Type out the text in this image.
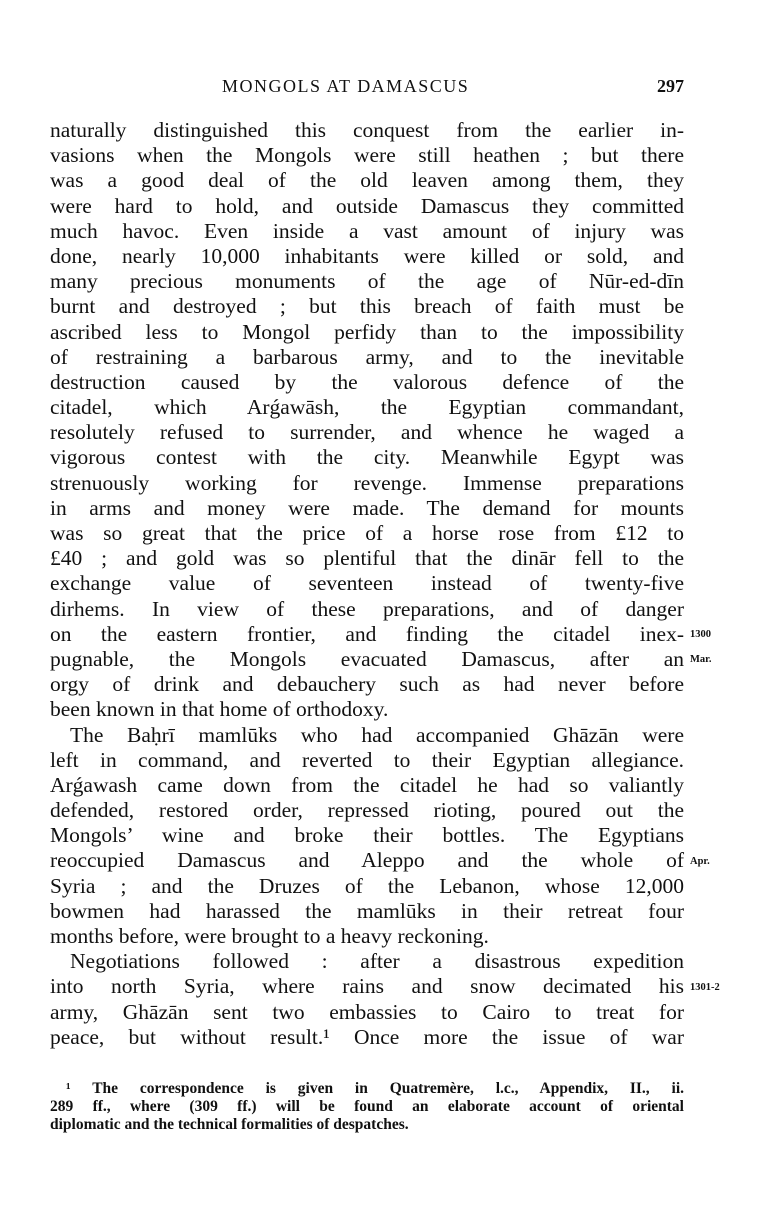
MONGOLS AT DAMASCUS	297
naturally distinguished this conquest from the earlier in-
vasions when the Mongols were still heathen ; but there
was a good deal of the old leaven among them, they
were hard to hold, and outside Damascus they committed
much havoc. Even inside a vast amount of injury was
done, nearly 10,000 inhabitants were killed or sold, and
many precious monuments of the age of Nūr-ed-dīn
burnt and destroyed ; but this breach of faith must be
ascribed less to Mongol perfidy than to the impossibility
of restraining a barbarous army, and to the inevitable
destruction caused by the valorous defence of the
citadel, which Arǵawāsh, the Egyptian commandant,
resolutely refused to surrender, and whence he waged a
vigorous contest with the city. Meanwhile Egypt was
strenuously working for revenge. Immense preparations
in arms and money were made. The demand for mounts
was so great that the price of a horse rose from £12 to
£40 ; and gold was so plentiful that the dinār fell to the
exchange value of seventeen instead of twenty-five
dirhems. In view of these preparations, and of danger
on the eastern frontier, and finding the citadel inex-
pugnable, the Mongols evacuated Damascus, after an
orgy of drink and debauchery such as had never before
been known in that home of orthodoxy.
The Baḥrī mamlūks who had accompanied Ghāzān were
left in command, and reverted to their Egyptian allegiance.
Arǵawash came down from the citadel he had so valiantly
defended, restored order, repressed rioting, poured out the
Mongols’ wine and broke their bottles. The Egyptians
reoccupied Damascus and Aleppo and the whole of
Syria ; and the Druzes of the Lebanon, whose 12,000
bowmen had harassed the mamlūks in their retreat four
months before, were brought to a heavy reckoning.
Negotiations followed : after a disastrous expedition
into north Syria, where rains and snow decimated his
army, Ghāzān sent two embassies to Cairo to treat for
peace, but without result.¹ Once more the issue of war
1300
Mar.
Apr.
1301-2
¹ The correspondence is given in Quatremère, l.c., Appendix, II., ii.
289 ff., where (309 ff.) will be found an elaborate account of oriental
diplomatic and the technical formalities of despatches.
